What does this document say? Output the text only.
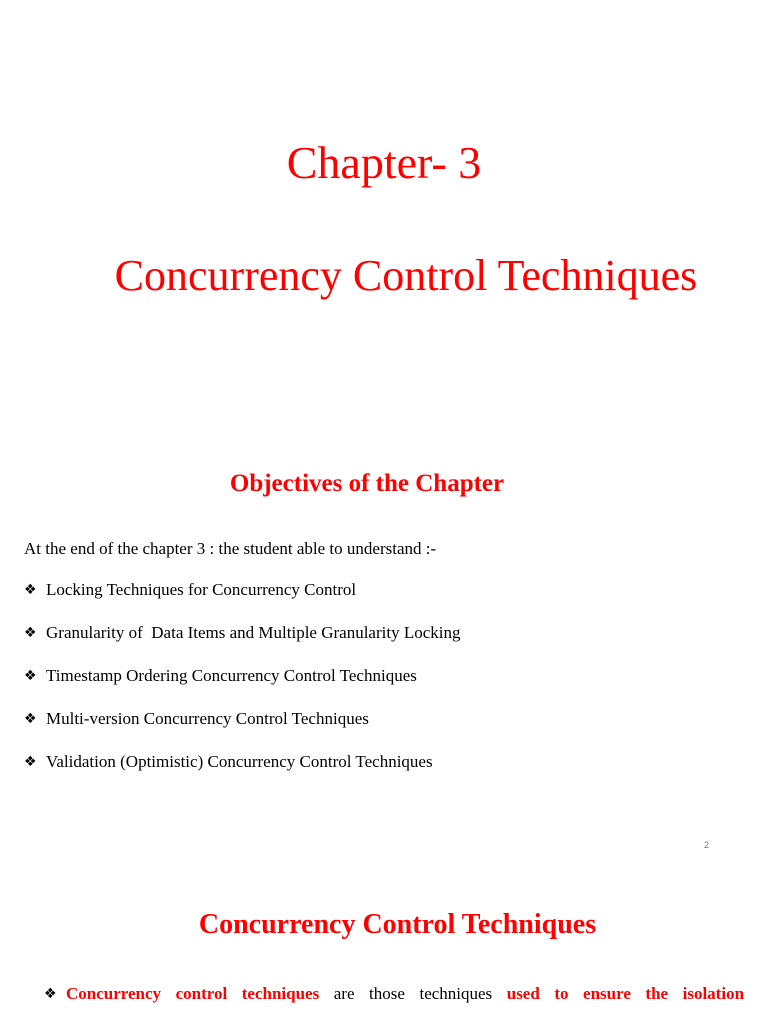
Chapter- 3
Concurrency Control Techniques
Objectives of the Chapter

At the end of the chapter 3 : the student able to understand :-

❖ Locking Techniques for Concurrency Control
❖ Granularity of  Data Items and Multiple Granularity Locking
❖ Timestamp Ordering Concurrency Control Techniques
❖ Multi-version Concurrency Control Techniques
❖ Validation (Optimistic) Concurrency Control Techniques
2
Concurrency Control Techniques

❖ Concurrency control techniques are those techniques used to ensure the isolation
